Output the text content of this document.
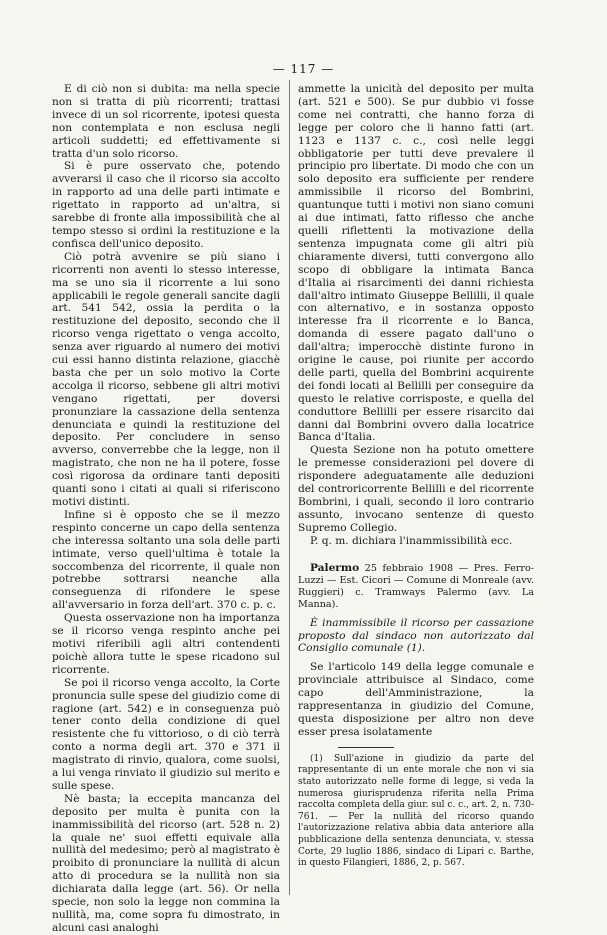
— 117 —

E di ciò non si dubita: ma nella specie non si tratta di più ricorrenti; trattasi invece di un sol ricorrente, ipotesi questa non contemplata e non esclusa negli articoli suddetti; ed effettivamente si tratta d'un solo ricorso.

Si è pure osservato che, potendo avverarsi il caso che il ricorso sia accolto in rapporto ad una delle parti intimate e rigettato in rapporto ad un'altra, si sarebbe di fronte alla impossibilità che al tempo stesso si ordini la restituzione e la confisca dell'unico deposito.

Ciò potrà avvenire se più siano i ricorrenti non aventi lo stesso interesse, ma se uno sia il ricorrente a lui sono applicabili le regole generali sancite dagli art. 541 542, ossia la perdita o la restituzione del deposito, secondo che il ricorso venga rigettato o venga accolto, senza aver riguardo al numero dei motivi cui essi hanno distinta relazione, giacchè basta che per un solo motivo la Corte accolga il ricorso, sebbene gli altri motivi vengano rigettati, per doversi pronunziare la cassazione della sentenza denunciata e quindi la restituzione del deposito. Per concludere in senso avverso, converrebbe che la legge, non il magistrato, che non ne ha il potere, fosse così rigorosa da ordinare tanti depositi quanti sono i citati ai quali si riferiscono motivi distinti.

Infine si è opposto che se il mezzo respinto concerne un capo della sentenza che interessa soltanto una sola delle parti intimate, verso quell'ultima è totale la soccombenza del ricorrente, il quale non potrebbe sottrarsi neanche alla conseguenza di rifondere le spese all'avversario in forza dell'art. 370 c. p. c.

Questa osservazione non ha importanza se il ricorso venga respinto anche pei motivi riferibili agli altri contendenti poichè allora tutte le spese ricadono sul ricorrente.

Se poi il ricorso venga accolto, la Corte pronuncia sulle spese del giudizio come di ragione (art. 542) e in conseguenza può tener conto della condizione di quel resistente che fu vittorioso, o di ciò terrà conto a norma degli art. 370 e 371 il magistrato di rinvio, qualora, come suolsi, a lui venga rinviato il giudizio sul merito e sulle spese.

Nè basta; la eccepita mancanza del deposito per multa è punita con la inammissibilità del ricorso (art. 528 n. 2) la quale ne' suoi effetti equivale alla nullità del medesimo; però al magistrato è proibito di pronunciare la nullità di alcun atto di procedura se la nullità non sia dichiarata dalla legge (art. 56). Or nella specie, non solo la legge non commina la nullità, ma, come sopra fu dimostrato, in alcuni casi analoghi

ammette la unicità del deposito per multa (art. 521 e 500). Se pur dubbio vi fosse come nei contratti, che hanno forza di legge per coloro che li hanno fatti (art. 1123 e 1137 c. c., così nelle leggi obbligatorie per tutti deve prevalere il principio pro libertate. Di modo che con un solo deposito era sufficiente per rendere ammissibile il ricorso del Bombrini, quantunque tutti i motivi non siano comuni ai due intimati, fatto riflesso che anche quelli riflettenti la motivazione della sentenza impugnata come gli altri più chiaramente diversi, tutti convergono allo scopo di obbligare la intimata Banca d'Italia ai risarcimenti dei danni richiesta dall'altro intimato Giuseppe Bellilli, il quale con alternativo, e in sostanza opposto interesse fra il ricorrente e lo Banca, domanda di essere pagato dall'uno o dall'altra; imperocchè distinte furono in origine le cause, poi riunite per accordo delle parti, quella del Bombrini acquirente dei fondi locati al Bellilli per conseguire da questo le relative corrisposte, e quella del conduttore Bellilli per essere risarcito dai danni dal Bombrini ovvero dalla locatrice Banca d'Italia.

Questa Sezione non ha potuto omettere le premesse considerazioni pel dovere di rispondere adeguatamente alle deduzioni del controricorrente Bellilli e del ricorrente Bombrini, i quali, secondo il loro contrario assunto, invocano sentenze di questo Supremo Collegio.

P. q. m. dichiara l'inammissibilità ecc.

Palermo 25 febbraio 1908 — Pres. Ferro-Luzzi — Est. Cicori — Comune di Monreale (avv. Ruggieri) c. Tramways Palermo (avv. La Manna).

È inammissibile il ricorso per cassazione proposto dal sindaco non autorizzato dal Consiglio comunale (1).

Se l'articolo 149 della legge comunale e provinciale attribuisce al Sindaco, come capo dell'Amministrazione, la rappresentanza in giudizio del Comune, questa disposizione per altro non deve esser presa isolatamente

(1) Sull'azione in giudizio da parte del rappresentante di un ente morale che non vi sia stato autorizzato nelle forme di legge, si veda la numerosa giurisprudenza riferita nella Prima raccolta completa della giur. sul c. c., art. 2, n. 730-761. — Per la nullità del ricorso quando l'autorizzazione relativa abbia data anteriore alla pubblicazione della sentenza denunciata, v. stessa Corte, 29 luglio 1886, sindaco di Lipari c. Barthe, in questo Filangieri, 1886, 2, p. 567.
